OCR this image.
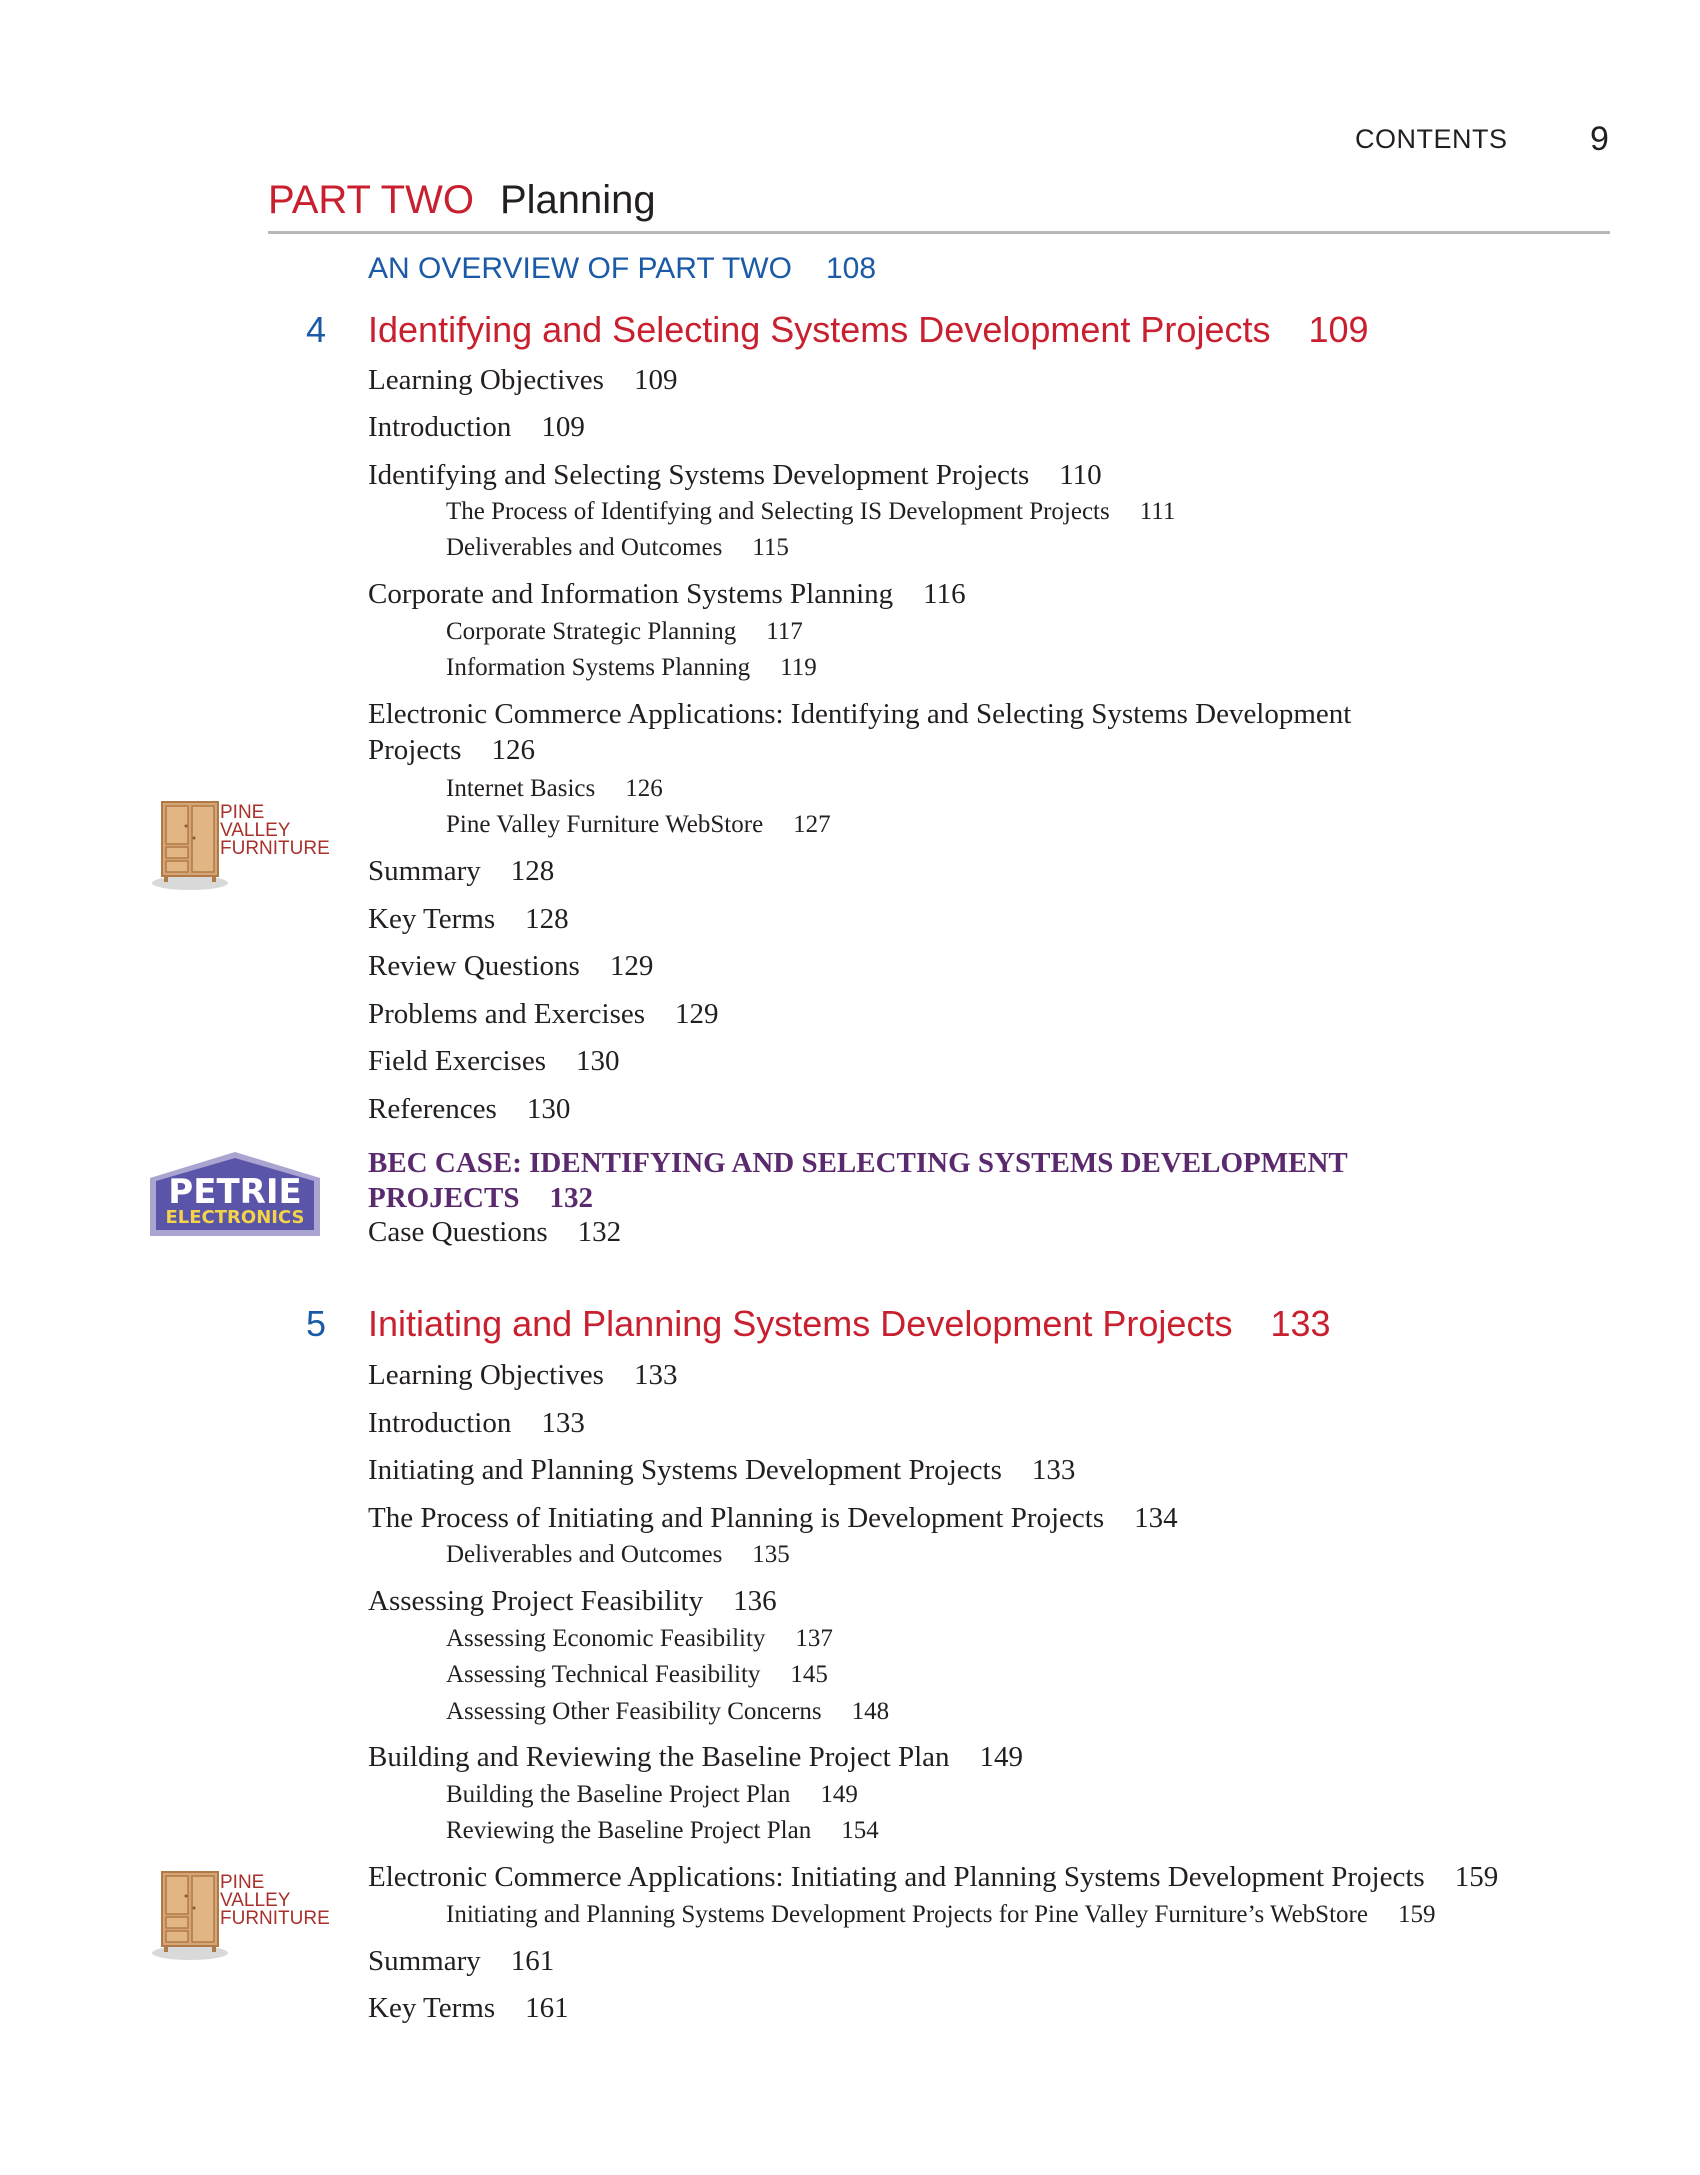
CONTENTS 9
PART TWO Planning
AN OVERVIEW OF PART TWO 108
4 Identifying and Selecting Systems Development Projects 109
Learning Objectives 109
Introduction 109
Identifying and Selecting Systems Development Projects 110
The Process of Identifying and Selecting IS Development Projects 111
Deliverables and Outcomes 115
Corporate and Information Systems Planning 116
Corporate Strategic Planning 117
Information Systems Planning 119
Electronic Commerce Applications: Identifying and Selecting Systems Development
Projects 126
Internet Basics 126
Pine Valley Furniture WebStore 127
Summary 128
Key Terms 128
Review Questions 129
Problems and Exercises 129
Field Exercises 130
References 130
BEC CASE: IDENTIFYING AND SELECTING SYSTEMS DEVELOPMENT
PROJECTS 132
Case Questions 132
5 Initiating and Planning Systems Development Projects 133
Learning Objectives 133
Introduction 133
Initiating and Planning Systems Development Projects 133
The Process of Initiating and Planning is Development Projects 134
Deliverables and Outcomes 135
Assessing Project Feasibility 136
Assessing Economic Feasibility 137
Assessing Technical Feasibility 145
Assessing Other Feasibility Concerns 148
Building and Reviewing the Baseline Project Plan 149
Building the Baseline Project Plan 149
Reviewing the Baseline Project Plan 154
Electronic Commerce Applications: Initiating and Planning Systems Development Projects 159
Initiating and Planning Systems Development Projects for Pine Valley Furniture’s WebStore 159
Summary 161
Key Terms 161
PINE
VALLEY
FURNITURE
PETRIE
ELECTRONICS
PINE
VALLEY
FURNITURE
